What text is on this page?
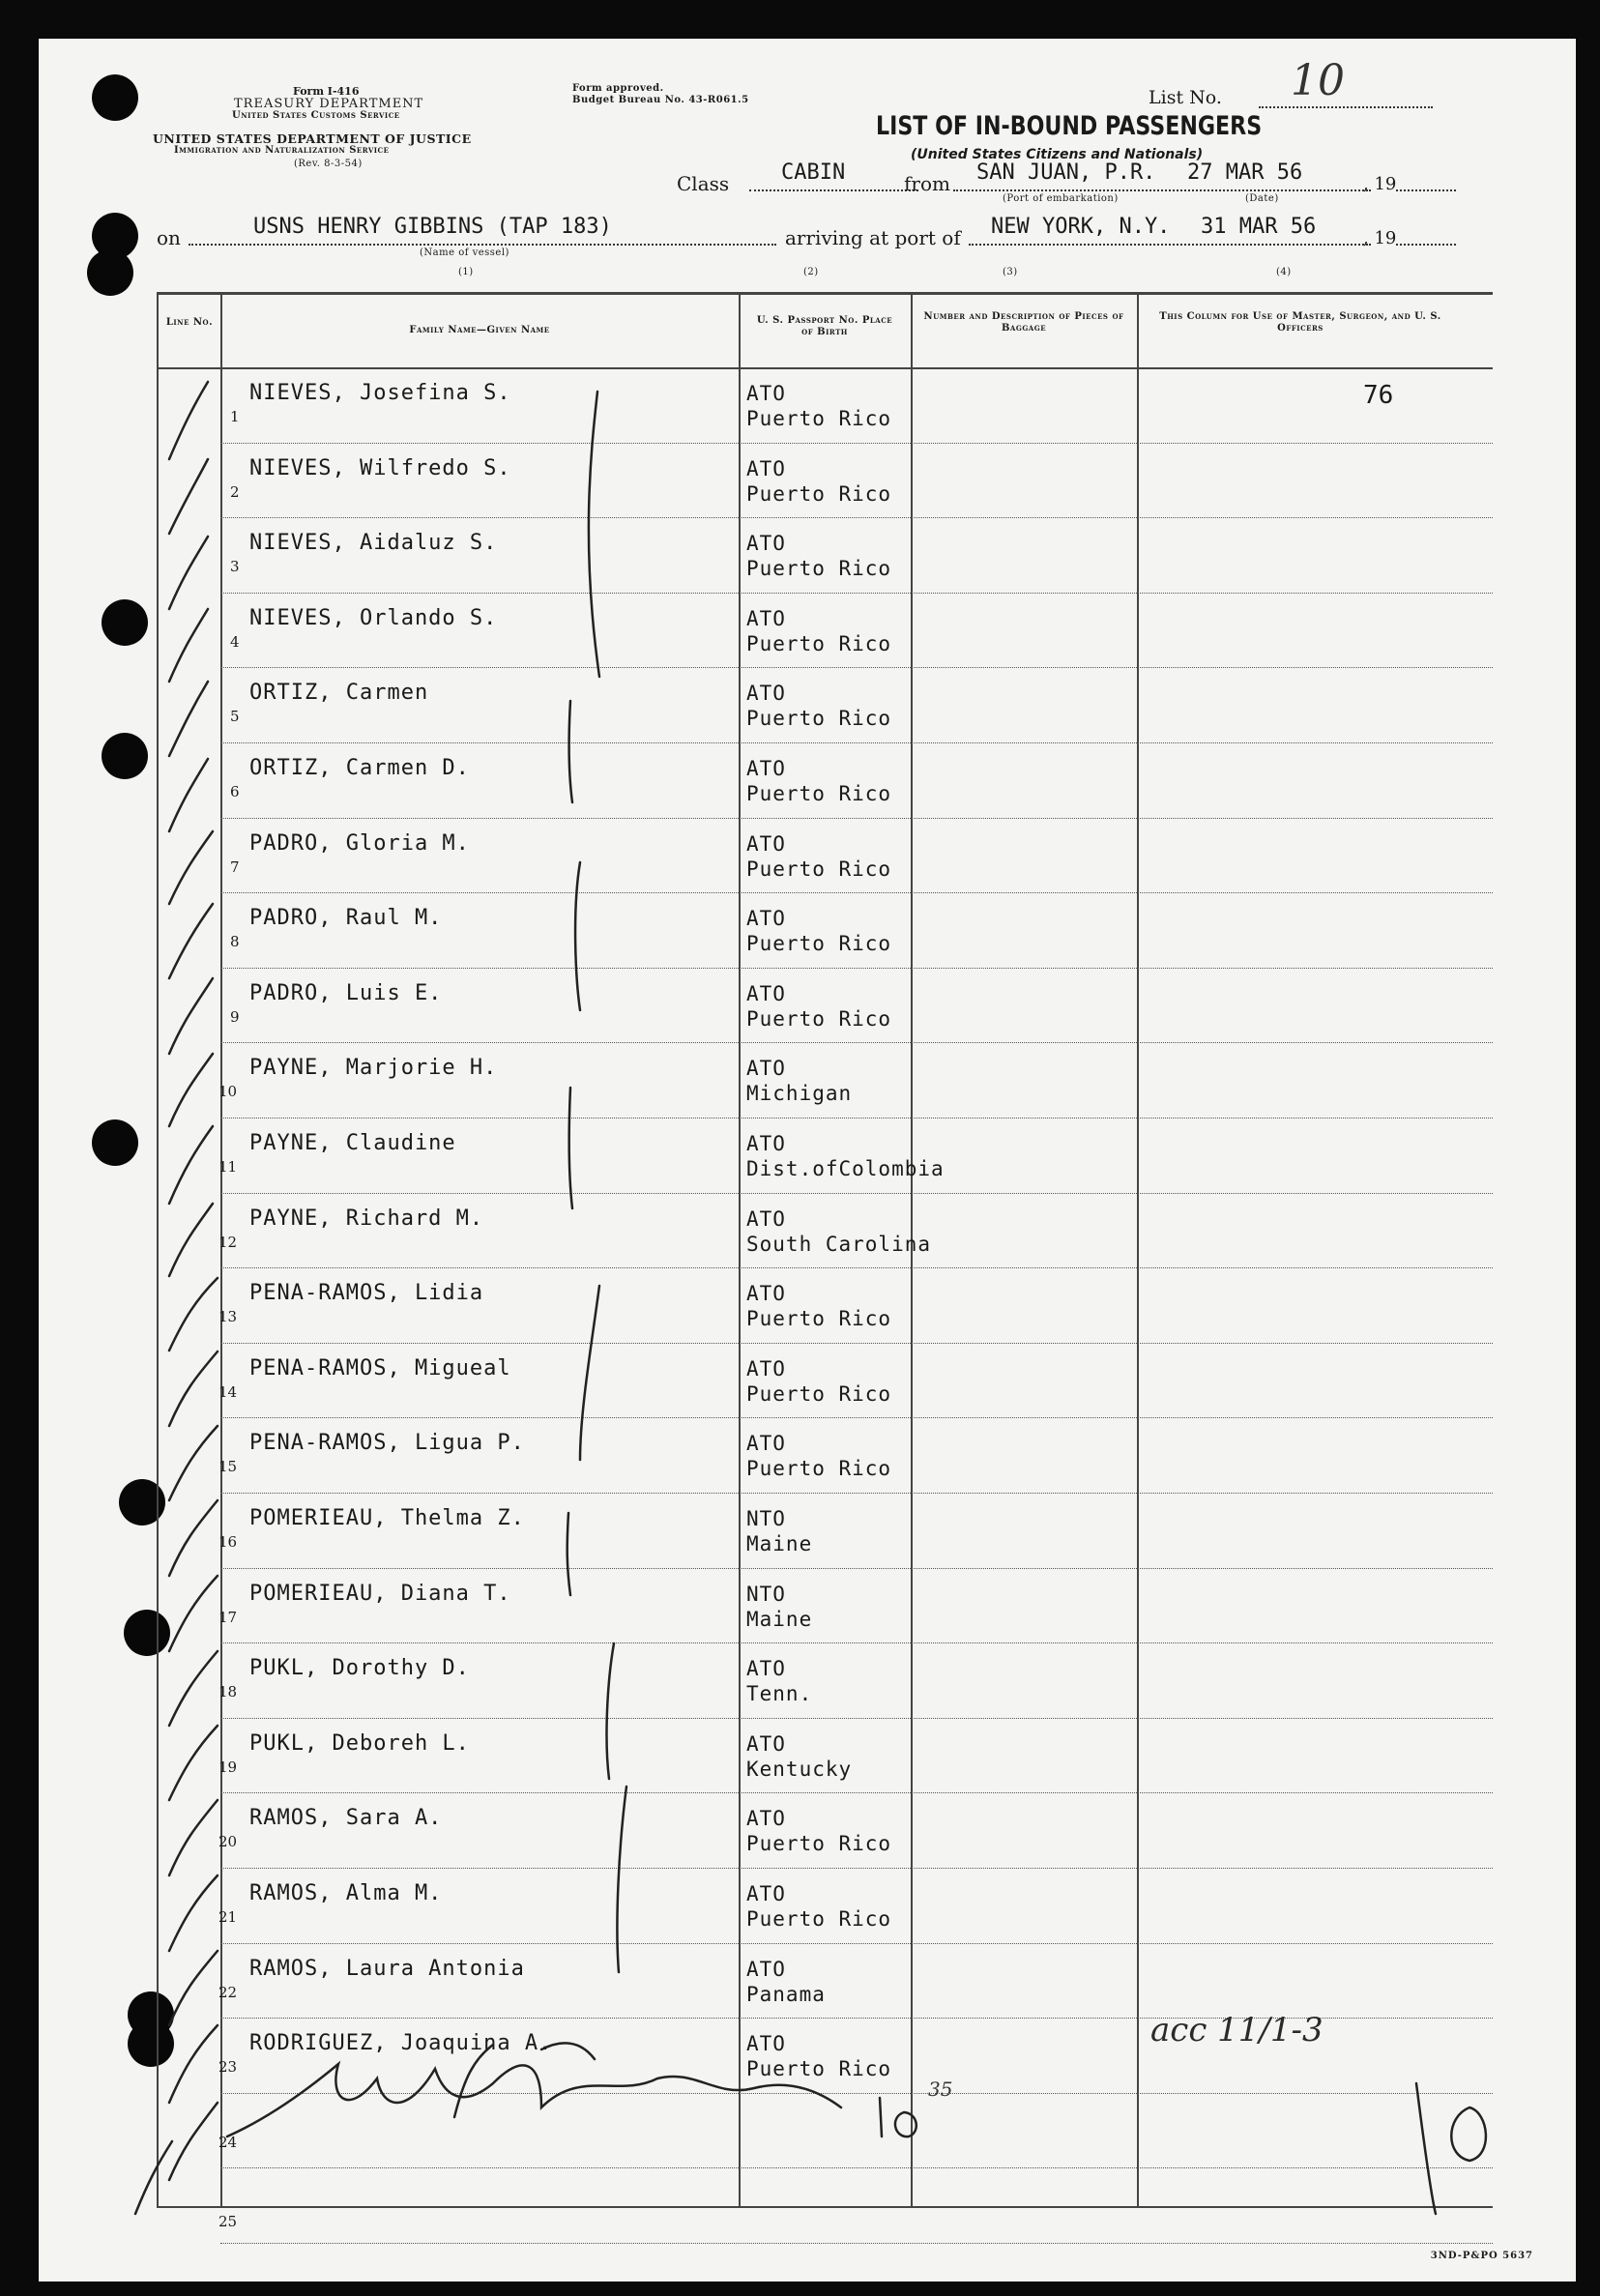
Form I-416
TREASURY DEPARTMENT
United States Customs Service
UNITED STATES DEPARTMENT OF JUSTICE
Immigration and Naturalization Service
(Rev. 8-3-54)
Form approved.
Budget Bureau No. 43-R061.5
LIST OF IN-BOUND PASSENGERS
(United States Citizens and Nationals)
List No. 10
Class CABIN	from SAN JUAN, P.R. 27 MAR 56	, 19
(Port of embarkation)	(Date)
on	USNS HENRY GIBBINS (TAP 183)
(Name of vessel)
arriving at port of NEW YORK, N.Y. 31 MAR 56	, 19
(1)	(2)	(3)	(4)
Line No.
Family Name—Given Name
U. S. Passport No. Place of Birth
Number and Description of Pieces of Baggage
This Column for Use of Master, Surgeon, and U. S. Officers
1
NIEVES, Josefina S.	ATO
Puerto Rico
2
NIEVES, Wilfredo S.	ATO
Puerto Rico
3
NIEVES, Aidaluz S.	ATO
Puerto Rico
4
NIEVES, Orlando S.	ATO
Puerto Rico
5
ORTIZ, Carmen	ATO
Puerto Rico
6
ORTIZ, Carmen D.	ATO
Puerto Rico
7
PADRO, Gloria M.	ATO
Puerto Rico
8
PADRO, Raul M.	ATO
Puerto Rico
9
PADRO, Luis E.	ATO
Puerto Rico
10
PAYNE, Marjorie H.	ATO
Michigan
11
PAYNE, Claudine	ATO
Dist.ofColombia
12
PAYNE, Richard M.	ATO
South Carolina
13
PENA-RAMOS, Lidia	ATO
Puerto Rico
14
PENA-RAMOS, Migueal	ATO
Puerto Rico
15
PENA-RAMOS, Ligua P.	ATO
Puerto Rico
16
POMERIEAU, Thelma Z.	NTO
Maine
17
POMERIEAU, Diana T.	NTO
Maine
18
PUKL, Dorothy D.	ATO
Tenn.
19
PUKL, Deboreh L.	ATO
Kentucky
20
RAMOS, Sara A.	ATO
Puerto Rico
21
RAMOS, Alma M.	ATO
Puerto Rico
22
RAMOS, Laura Antonia	ATO
Panama
23
RODRIGUEZ, Joaquina A.	ATO
Puerto Rico
24
25
76
acc 11/1-3
35
3ND-P&PO 5637
